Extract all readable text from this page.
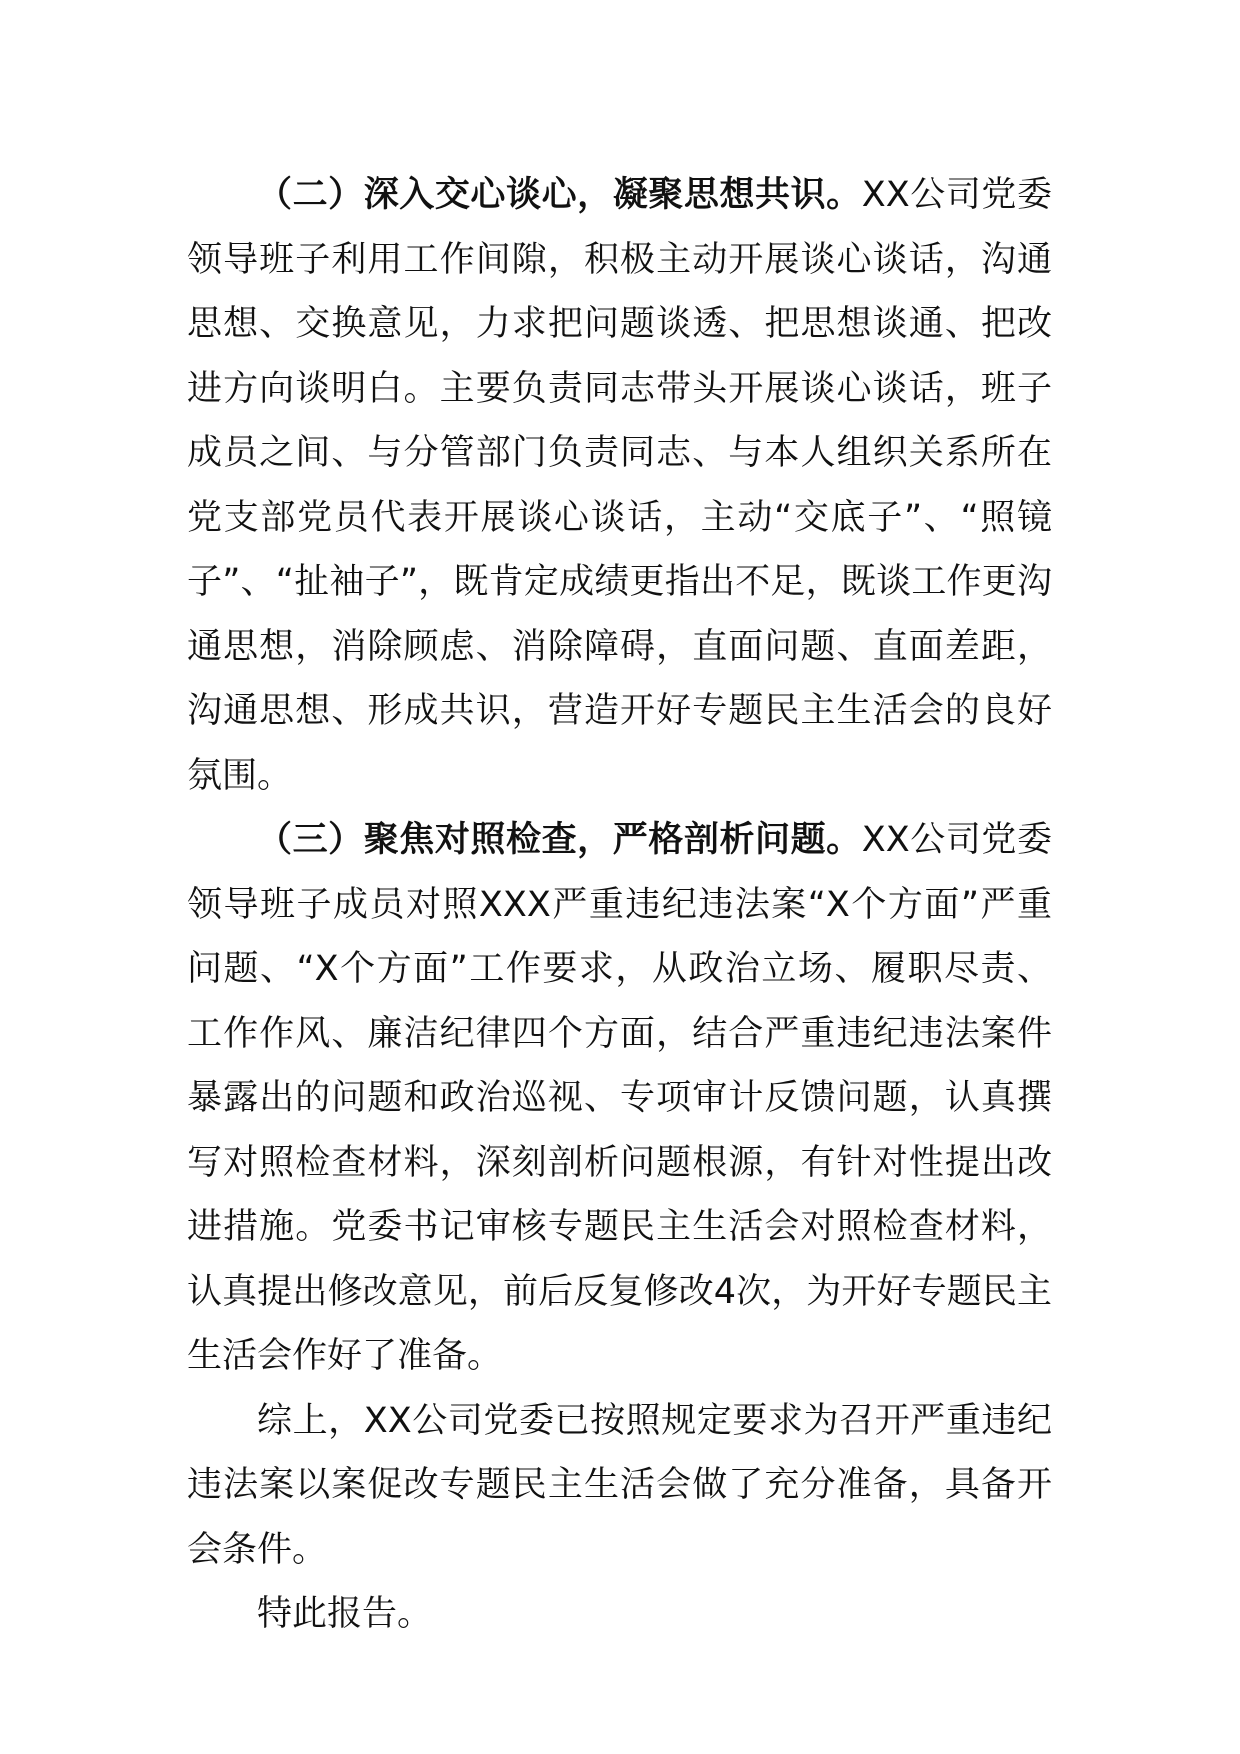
（二）深入交心谈心，凝聚思想共识。XX公司党委领导班子利用工作间隙，积极主动开展谈心谈话，沟通思想、交换意见，力求把问题谈透、把思想谈通、把改进方向谈明白。主要负责同志带头开展谈心谈话，班子成员之间、与分管部门负责同志、与本人组织关系所在党支部党员代表开展谈心谈话，主动“交底子”、“照镜子”、“扯袖子”，既肯定成绩更指出不足，既谈工作更沟通思想，消除顾虑、消除障碍，直面问题、直面差距，沟通思想、形成共识，营造开好专题民主生活会的良好氛围。

（三）聚焦对照检查，严格剖析问题。XX公司党委领导班子成员对照XXX严重违纪违法案“X个方面”严重问题、“X个方面”工作要求，从政治立场、履职尽责、工作作风、廉洁纪律四个方面，结合严重违纪违法案件暴露出的问题和政治巡视、专项审计反馈问题，认真撰写对照检查材料，深刻剖析问题根源，有针对性提出改进措施。党委书记审核专题民主生活会对照检查材料，认真提出修改意见，前后反复修改4次，为开好专题民主生活会作好了准备。

综上，XX公司党委已按照规定要求为召开严重违纪违法案以案促改专题民主生活会做了充分准备，具备开会条件。

特此报告。
